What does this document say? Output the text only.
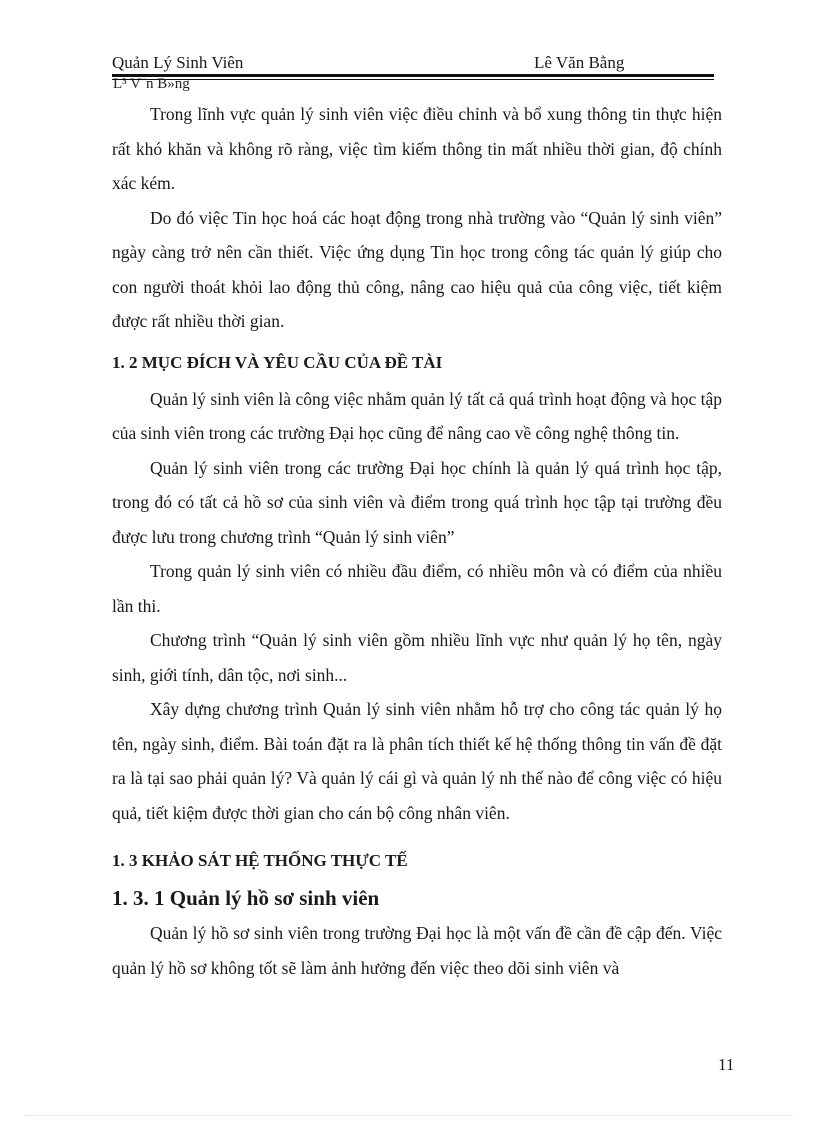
Quản Lý Sinh Viên	Lê Văn Bằng
L³ V¨n B»ng

Trong lĩnh vực quản lý sinh viên việc điều chỉnh và bổ xung thông tin thực hiện rất khó khăn và không rõ ràng, việc tìm kiếm thông tin mất nhiều thời gian, độ chính xác kém.

Do đó việc Tin học hoá các hoạt động trong nhà trường vào “Quản lý sinh viên” ngày càng trở nên cần thiết. Việc ứng dụng Tin học trong công tác quản lý giúp cho con người thoát khỏi lao động thủ công, nâng cao hiệu quả của công việc, tiết kiệm được rất nhiều thời gian.

1. 2 MỤC ĐÍCH VÀ YÊU CẦU CỦA ĐỀ TÀI

Quản lý sinh viên là công việc nhằm quản lý tất cả quá trình hoạt động và học tập của sinh viên trong các trường Đại học cũng để nâng cao về công nghệ thông tin.

Quản lý sinh viên trong các trường Đại học chính là quản lý quá trình học tập, trong đó có tất cả hồ sơ của sinh viên và điểm trong quá trình học tập tại trường đều được lưu trong chương trình “Quản lý sinh viên”

Trong quản lý sinh viên có nhiều đầu điểm, có nhiều môn và có điểm của nhiều lần thi.

Chương trình “Quản lý sinh viên gồm nhiều lĩnh vực như quản lý họ tên, ngày sinh, giới tính, dân tộc, nơi sinh...

Xây dựng chương trình Quản lý sinh viên nhằm hỗ trợ cho công tác quản lý họ tên, ngày sinh, điểm. Bài toán đặt ra là phân tích thiết kế hệ thống thông tin vấn đề đặt ra là tại sao phải quản lý? Và quản lý cái gì và quản lý nh thế nào để công việc có hiệu quả, tiết kiệm được thời gian cho cán bộ công nhân viên.

1. 3 KHẢO SÁT HỆ THỐNG THỰC TẾ
1. 3. 1 Quản lý hồ sơ sinh viên

Quản lý hồ sơ sinh viên trong trường Đại học là một vấn đề cần đề cập đến. Việc quản lý hồ sơ không tốt sẽ làm ảnh hưởng đến việc theo dõi sinh viên và

11
